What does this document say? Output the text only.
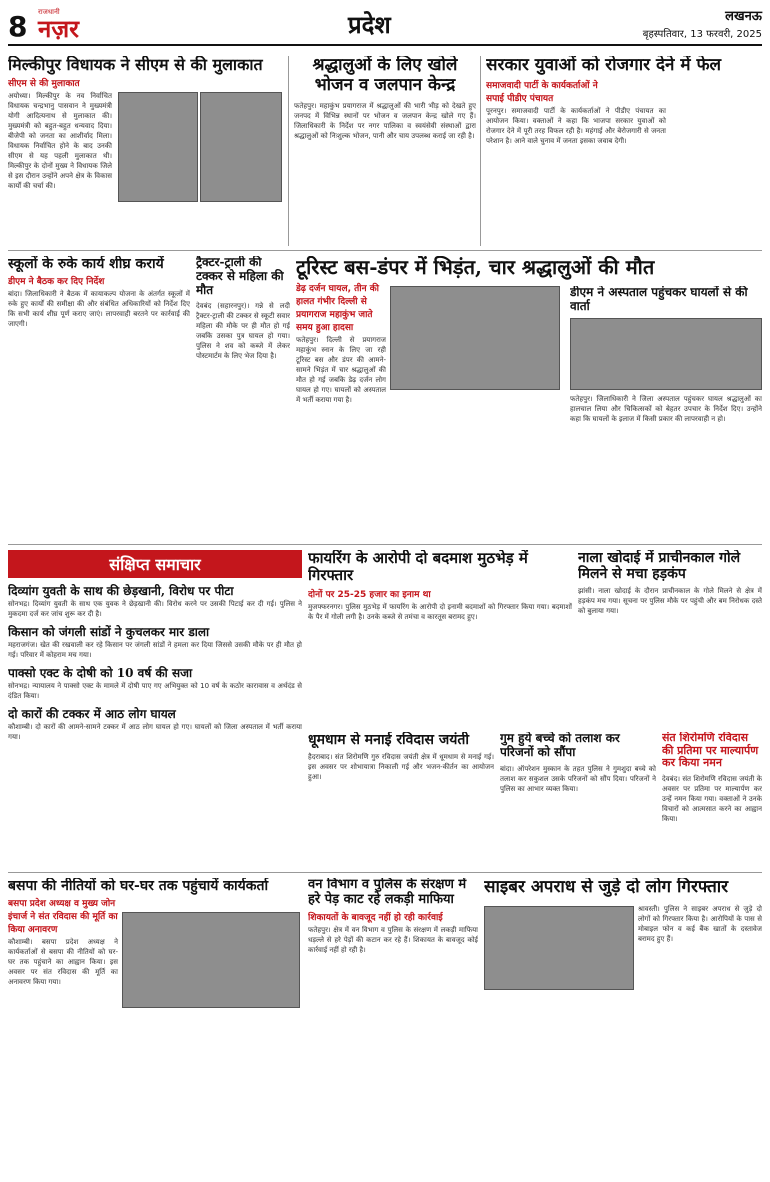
8 राजधानी
नज़र	प्रदेश	लखनऊ
बृहस्पतिवार, 13 फरवरी, 2025
मिल्कीपुर विधायक ने सीएम से की मुलाकात
सीएम से की मुलाकात
अयोध्या। मिल्कीपुर के नव निर्वाचित विधायक चन्द्रभानु पासवान ने मुख्यमंत्री योगी आदित्यनाथ से मुलाकात की। मुख्यमंत्री को बहुत-बहुत धन्यवाद दिया। बीजेपी को जनता का आशीर्वाद मिला। विधायक निर्वाचित होने के बाद उनकी सीएम से यह पहली मुलाकात थी। मिल्कीपुर के दोनों मुख्य ने विधायक जिले से इस दौरान उन्होंने अपने क्षेत्र के विकास कार्यों की चर्चा की।
श्रद्धालुओं के लिए खोले भोजन व जलपान केन्द्र
फतेहपुर। महाकुंभ प्रयागराज में श्रद्धालुओं की भारी भीड़ को देखते हुए जनपद में विभिन्न स्थानों पर भोजन व जलपान केन्द्र खोले गए हैं। जिलाधिकारी के निर्देश पर नगर पालिका व स्वयंसेवी संस्थाओं द्वारा श्रद्धालुओं को निःशुल्क भोजन, पानी और चाय उपलब्ध कराई जा रही है।
सरकार युवाओं को रोजगार देने में फेल
समाजवादी पार्टी के कार्यकर्ताओं ने सपाई पीडीए पंचायत
पूरनपुर। समाजवादी पार्टी के कार्यकर्ताओं ने पीडीए पंचायत का आयोजन किया। वक्ताओं ने कहा कि भाजपा सरकार युवाओं को रोजगार देने में पूरी तरह विफल रही है। महंगाई और बेरोजगारी से जनता परेशान है। आने वाले चुनाव में जनता इसका जवाब देगी।
स्कूलों के रुके कार्य शीघ्र करायें
डीएम ने बैठक कर दिए निर्देश
बांदा। जिलाधिकारी ने बैठक में कायाकल्प योजना के अंतर्गत स्कूलों में रुके हुए कार्यों की समीक्षा की और संबंधित अधिकारियों को निर्देश दिए कि सभी कार्य शीघ्र पूर्ण कराए जाएं। लापरवाही बरतने पर कार्रवाई की जाएगी।
ट्रैक्टर-ट्राली की टक्कर से महिला की मौत
देवबंद (सहारनपुर)। गन्ने से लदी ट्रैक्टर-ट्राली की टक्कर से स्कूटी सवार महिला की मौके पर ही मौत हो गई जबकि उसका पुत्र घायल हो गया। पुलिस ने शव को कब्जे में लेकर पोस्टमार्टम के लिए भेज दिया है।
टूरिस्ट बस-डंपर में भिड़ंत, चार श्रद्धालुओं की मौत
डेढ़ दर्जन घायल, तीन की हालत गंभीर दिल्ली से प्रयागराज महाकुंभ जाते समय हुआ हादसा
फतेहपुर। दिल्ली से प्रयागराज महाकुंभ स्नान के लिए जा रही टूरिस्ट बस और डंपर की आमने-सामने भिड़ंत में चार श्रद्धालुओं की मौत हो गई जबकि डेढ़ दर्जन लोग घायल हो गए। घायलों को अस्पताल में भर्ती कराया गया है।
डीएम ने अस्पताल पहुंचकर घायलों से की वार्ता
फतेहपुर। जिलाधिकारी ने जिला अस्पताल पहुंचकर घायल श्रद्धालुओं का हालचाल लिया और चिकित्सकों को बेहतर उपचार के निर्देश दिए। उन्होंने कहा कि घायलों के इलाज में किसी प्रकार की लापरवाही न हो।
संक्षिप्त समाचार
दिव्यांग युवती के साथ की छेड़खानी, विरोध पर पीटा
सोनभद्र। दिव्यांग युवती के साथ एक युवक ने छेड़खानी की। विरोध करने पर उसकी पिटाई कर दी गई। पुलिस ने मुकदमा दर्ज कर जांच शुरू कर दी है।
किसान को जंगली सांडों ने कुचलकर मार डाला
महराजगंज। खेत की रखवाली कर रहे किसान पर जंगली सांडों ने हमला कर दिया जिससे उसकी मौके पर ही मौत हो गई। परिवार में कोहराम मच गया।
पाक्सो एक्ट के दोषी को 10 वर्ष की सजा
सोनभद्र। न्यायालय ने पाक्सो एक्ट के मामले में दोषी पाए गए अभियुक्त को 10 वर्ष के कठोर कारावास व अर्थदंड से दंडित किया।
दो कारों की टक्कर में आठ लोग घायल
कौशाम्बी। दो कारों की आमने-सामने टक्कर में आठ लोग घायल हो गए। घायलों को जिला अस्पताल में भर्ती कराया गया।
फायरिंग के आरोपी दो बदमाश मुठभेड़ में गिरफ्तार
दोनों पर 25-25 हजार का इनाम था
मुजफ्फरनगर। पुलिस मुठभेड़ में फायरिंग के आरोपी दो इनामी बदमाशों को गिरफ्तार किया गया। बदमाशों के पैर में गोली लगी है। उनके कब्जे से तमंचा व कारतूस बरामद हुए।
नाला खोदाई में प्राचीनकाल गोले मिलने से मचा हड़कंप
झांसी। नाला खोदाई के दौरान प्राचीनकाल के गोले मिलने से क्षेत्र में हड़कंप मच गया। सूचना पर पुलिस मौके पर पहुंची और बम निरोधक दस्ते को बुलाया गया।
धूमधाम से मनाई रविदास जयंती
हैदराबाद। संत शिरोमणि गुरु रविदास जयंती क्षेत्र में धूमधाम से मनाई गई। इस अवसर पर शोभायात्रा निकाली गई और भजन-कीर्तन का आयोजन हुआ।
गुम हुये बच्चे को तलाश कर परिजनों को सौंपा
बांदा। ऑपरेशन मुस्कान के तहत पुलिस ने गुमशुदा बच्चे को तलाश कर सकुशल उसके परिजनों को सौंप दिया। परिजनों ने पुलिस का आभार व्यक्त किया।
संत शिरोमणि रविदास की प्रतिमा पर माल्यार्पण कर किया नमन
देवबंद। संत शिरोमणि रविदास जयंती के अवसर पर प्रतिमा पर माल्यार्पण कर उन्हें नमन किया गया। वक्ताओं ने उनके विचारों को आत्मसात करने का आह्वान किया।
बसपा की नीतियों को घर-घर तक पहुंचायें कार्यकर्ता
बसपा प्रदेश अध्यक्ष व मुख्य जोन इंचार्ज ने संत रविदास की मूर्ति का किया अनावरण
कौशाम्बी। बसपा प्रदेश अध्यक्ष ने कार्यकर्ताओं से बसपा की नीतियों को घर-घर तक पहुंचाने का आह्वान किया। इस अवसर पर संत रविदास की मूर्ति का अनावरण किया गया।
वन विभाग व पुलिस के संरक्षण में हरे पेड़ काट रहे लकड़ी माफिया
शिकायतों के बावजूद नहीं हो रही कार्रवाई
फतेहपुर। क्षेत्र में वन विभाग व पुलिस के संरक्षण में लकड़ी माफिया धड़ल्ले से हरे पेड़ों की कटान कर रहे हैं। शिकायत के बावजूद कोई कार्रवाई नहीं हो रही है।
साइबर अपराध से जुड़े दो लोग गिरफ्तार
श्रावस्ती। पुलिस ने साइबर अपराध से जुड़े दो लोगों को गिरफ्तार किया है। आरोपियों के पास से मोबाइल फोन व कई बैंक खातों के दस्तावेज बरामद हुए हैं।
